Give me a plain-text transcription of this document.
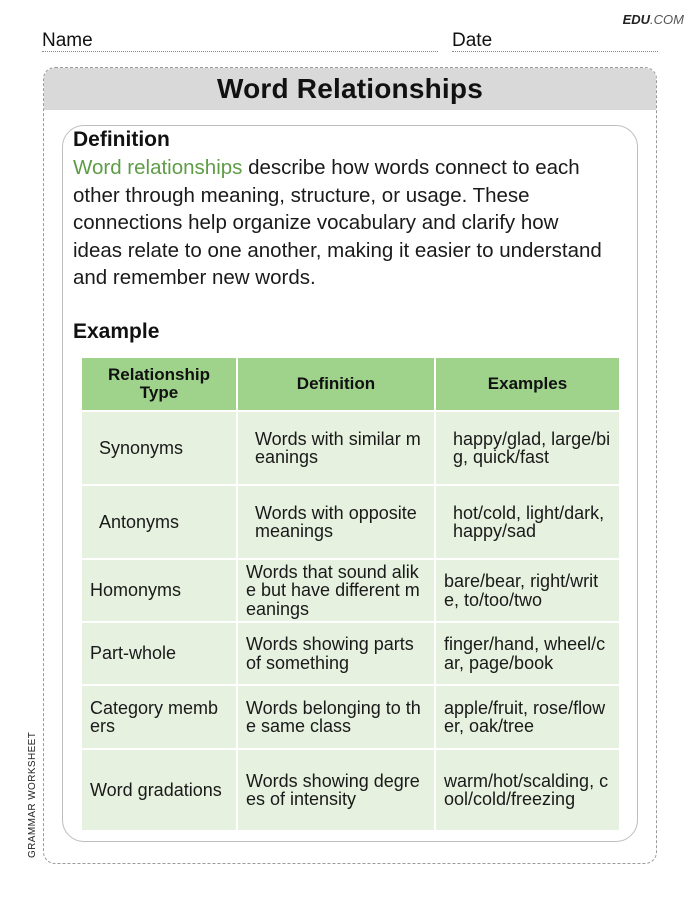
EDU.COM
Name	Date
GRAMMAR WORKSHEET
Word Relationships
Definition
Word relationships describe how words connect to each other through meaning, structure, or usage. These connections help organize vocabulary and clarify how ideas relate to one another, making it easier to understand and remember new words.
Example
Relationship Type	Definition	Examples
Synonyms	Words with similar meanings	happy/glad, large/big, quick/fast
Antonyms	Words with opposite meanings	hot/cold, light/dark, happy/sad
Homonyms	Words that sound alike but have different meanings	bare/bear, right/write, to/too/two
Part-whole	Words showing parts of something	finger/hand, wheel/car, page/book
Category members	Words belonging to the same class	apple/fruit, rose/flower, oak/tree
Word gradations	Words showing degrees of intensity	warm/hot/scalding, cool/cold/freezing
